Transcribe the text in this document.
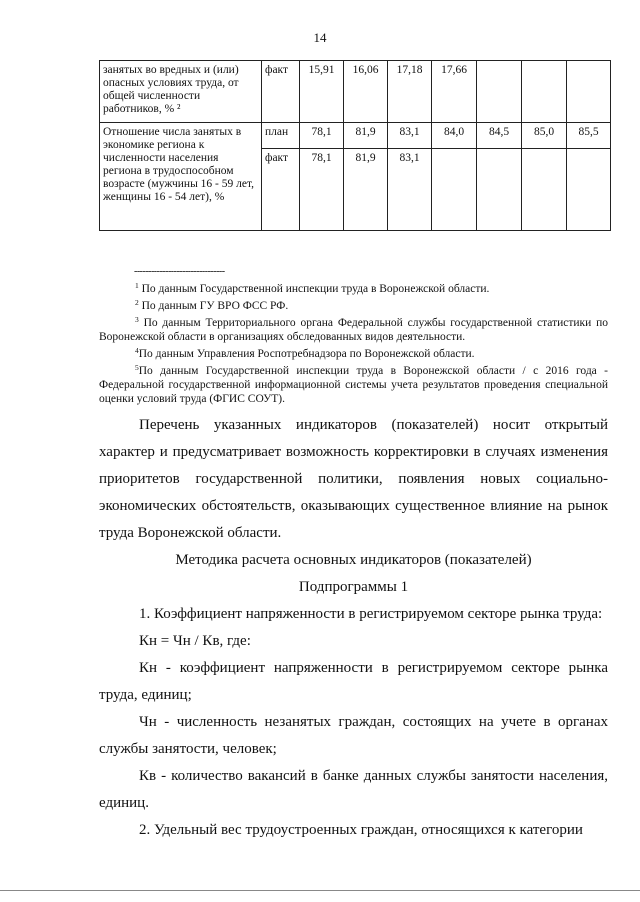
14
занятых во вредных и (или) опасных условиях труда, от общей численности работников, % ²	факт	15,91	16,06	17,18	17,66			
Отношение числа занятых в экономике региона к численности населения региона в трудоспособном возрасте (мужчины 16 - 59 лет, женщины 16 - 54 лет), %	план	78,1	81,9	83,1	84,0	84,5	85,0	85,5
	факт	78,1	81,9	83,1				
--------------------------------

$^1$ По данным Государственной инспекции труда в Воронежской области.

$^2$ По данным ГУ ВРО ФСС РФ.

$^3$ По данным Территориального органа Федеральной службы государственной статистики по Воронежской области в организациях обследованных видов деятельности.

$^4$По данным Управления Роспотребнадзора по Воронежской области.

$^5$По данным Государственной инспекции труда в Воронежской области / с 2016 года - Федеральной государственной информационной системы учета результатов проведения специальной оценки условий труда (ФГИС СОУТ).

Перечень указанных индикаторов (показателей) носит открытый характер и предусматривает возможность корректировки в случаях изменения приоритетов государственной политики, появления новых социально-экономических обстоятельств, оказывающих существенное влияние на рынок труда Воронежской области.

Методика расчета основных индикаторов (показателей)

Подпрограммы 1

1. Коэффициент напряженности в регистрируемом секторе рынка труда:

Кн = Чн / Кв, где:

Кн - коэффициент напряженности в регистрируемом секторе рынка труда, единиц;

Чн - численность незанятых граждан, состоящих на учете в органах службы занятости, человек;

Кв - количество вакансий в банке данных службы занятости населения, единиц.

2. Удельный вес трудоустроенных граждан, относящихся к категории
